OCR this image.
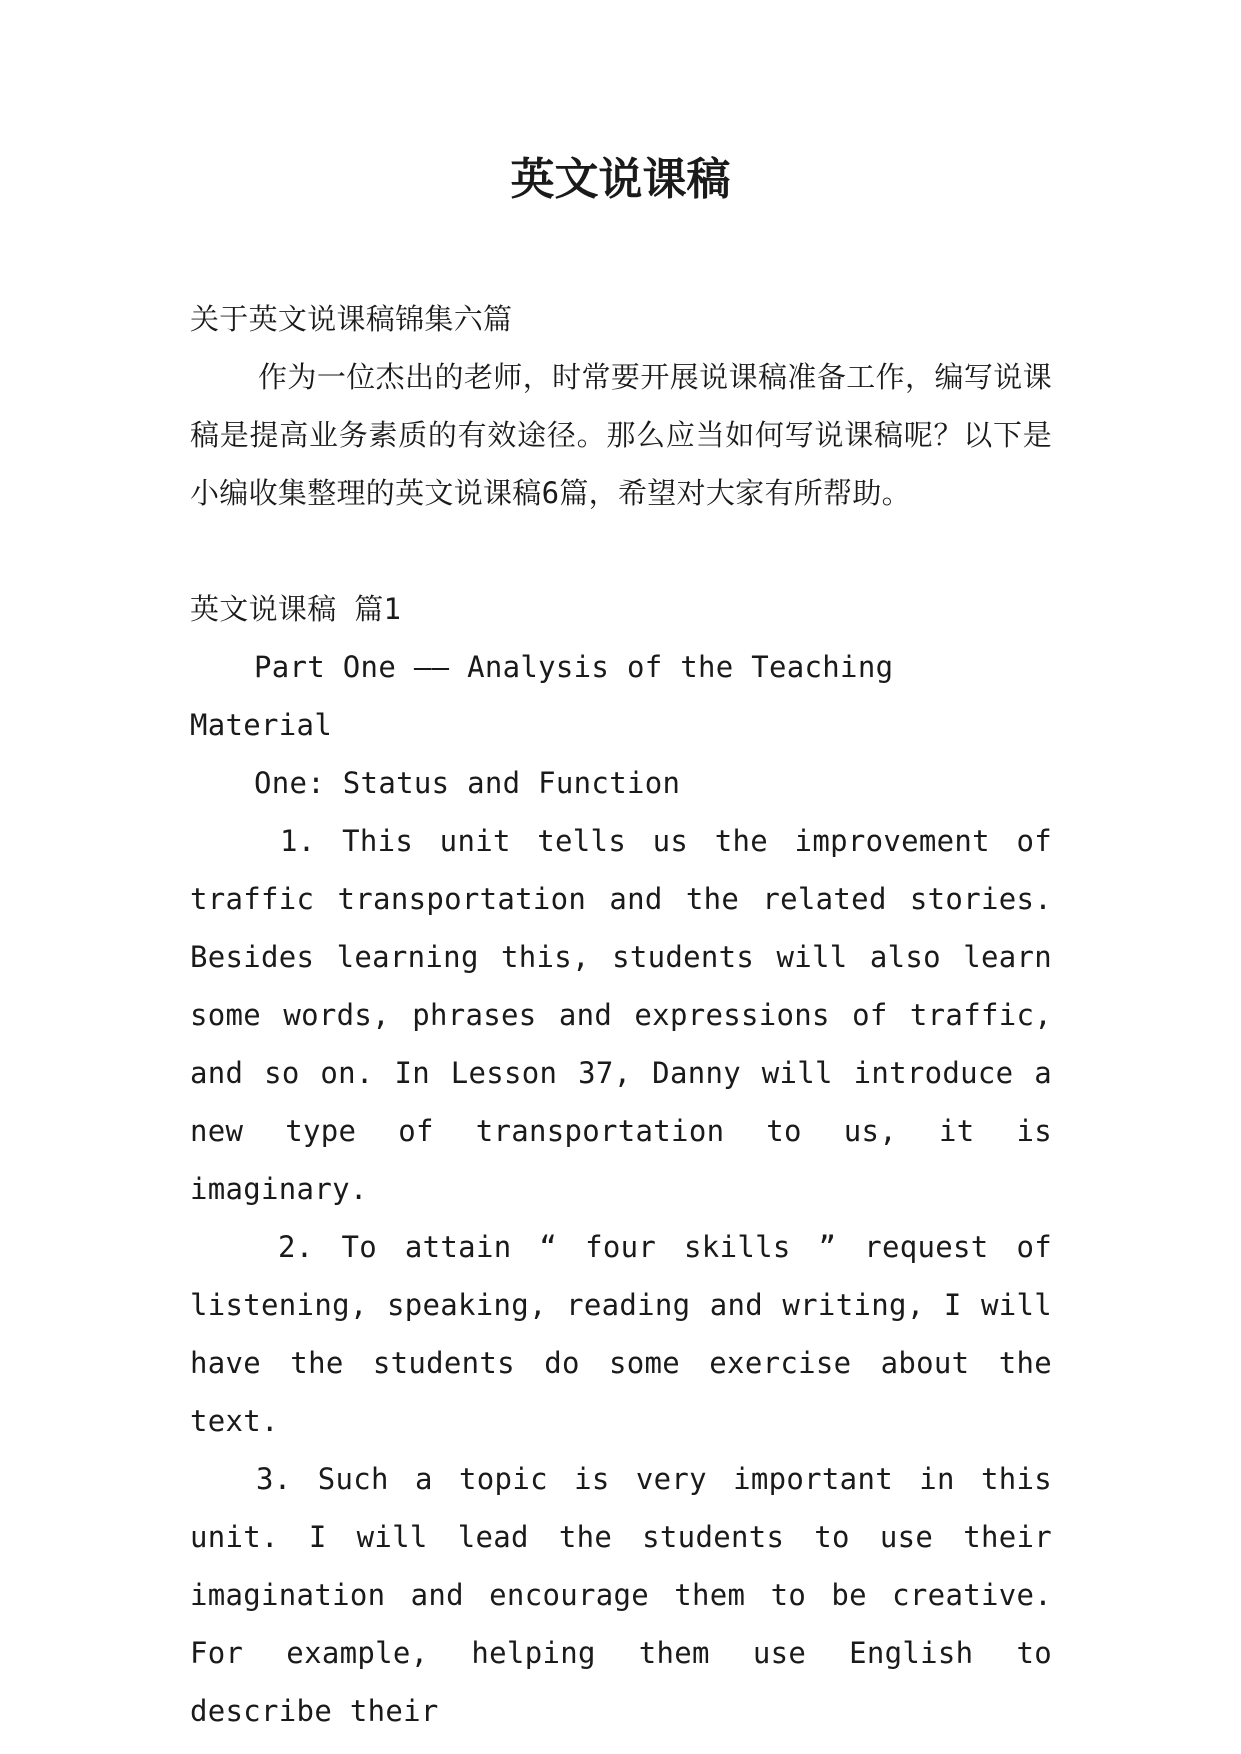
英文说课稿

关于英文说课稿锦集六篇

作为一位杰出的老师，时常要开展说课稿准备工作，编写说课稿是提高业务素质的有效途径。那么应当如何写说课稿呢？以下是小编收集整理的英文说课稿6篇，希望对大家有所帮助。

英文说课稿 篇1

Part One —— Analysis of the Teaching Material

One: Status and Function

1. This unit tells us the improvement of traffic transportation and the related stories. Besides learning this, students will also learn some words, phrases and expressions of traffic, and so on. In Lesson 37, Danny will introduce a new type of transportation to us, it is imaginary.

2. To attain “ four skills ” request of listening, speaking, reading and writing, I will have the students do some exercise about the text.

3. Such a topic is very important in this unit. I will lead the students to use their imagination and encourage them to be creative. For example, helping them use English to describe their
